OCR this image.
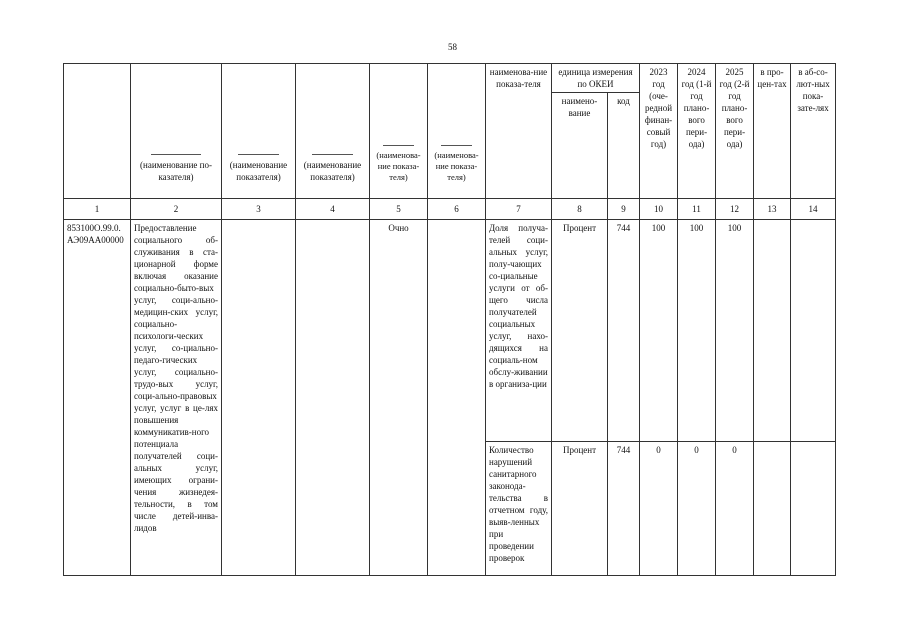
58

(наименование по-казателя)	(наименование показателя)	(наименование показателя)	(наименова-ние показа-теля)	(наименова-ние показа-теля)	наименова-ние показа-теля	единица измерения по ОКЕИ		2023 год (оче-редной финан-совый год)	2024 год (1-й год плано-вого пери-ода)	2025 год (2-й год плано-вого пери-ода)	в про-цен-тах	в аб-со-лют-ных пока-зате-лях
							наимено-вание	код					
1	2	3	4	5	6	7	8	9	10	11	12	13	14
853100О.99.0.АЭ09АА00000	Предоставление социального об-служивания в ста-ционарной форме включая оказание социально-быто-вых услуг, соци-ально-медицин-ских услуг, социально-психологи-ческих услуг, со-циально-педаго-гических услуг, социально-трудо-вых услуг, соци-ально-правовых услуг, услуг в це-лях повышения коммуникатив-ного потенциала получателей соци-альных услуг, имеющих ограни-чения жизнедея-тельности, в том числе детей-инва-лидов			Очно		Доля получа-телей соци-альных услуг, полу-чающих со-циальные услуги от об-щего числа получателей социальных услуг, нахо-дящихся на социаль-ном обслу-живании в организа-ции	Процент	744	100	100	100		
						Количество нарушений санитарного законода-тельства в отчетном году, выяв-ленных при проведении проверок	Процент	744	0	0	0		
